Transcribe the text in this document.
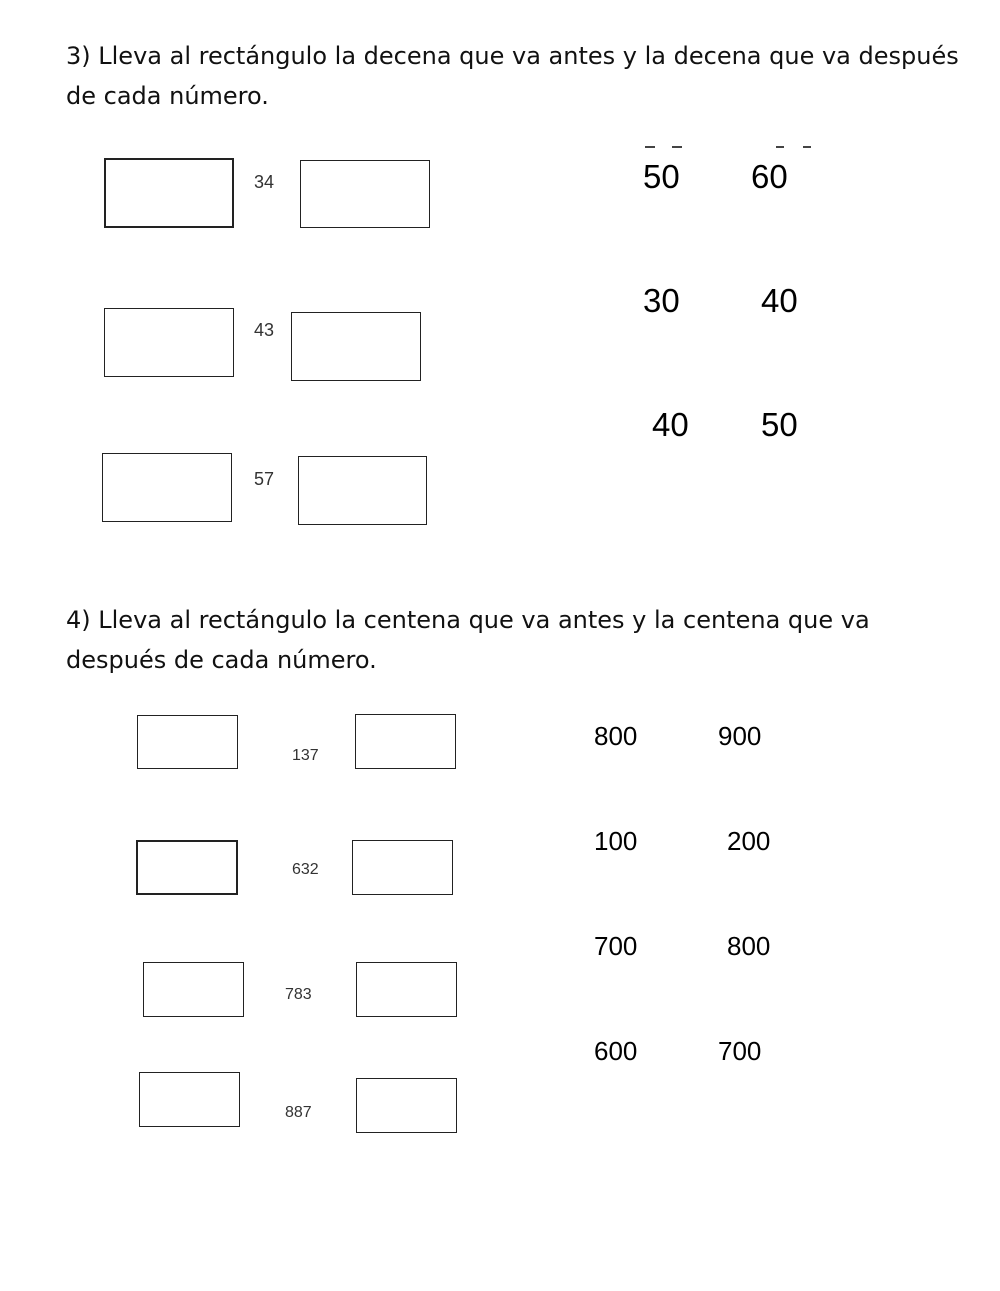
3) Lleva al rectángulo la decena que va antes y la decena que va después

de cada número.

34
43
57
50 60
30 40
40 50

4) Lleva al rectángulo la centena que va antes y la centena que va

después de cada número.

137
632
783
887
800	900
100	200
700	800
600	700
